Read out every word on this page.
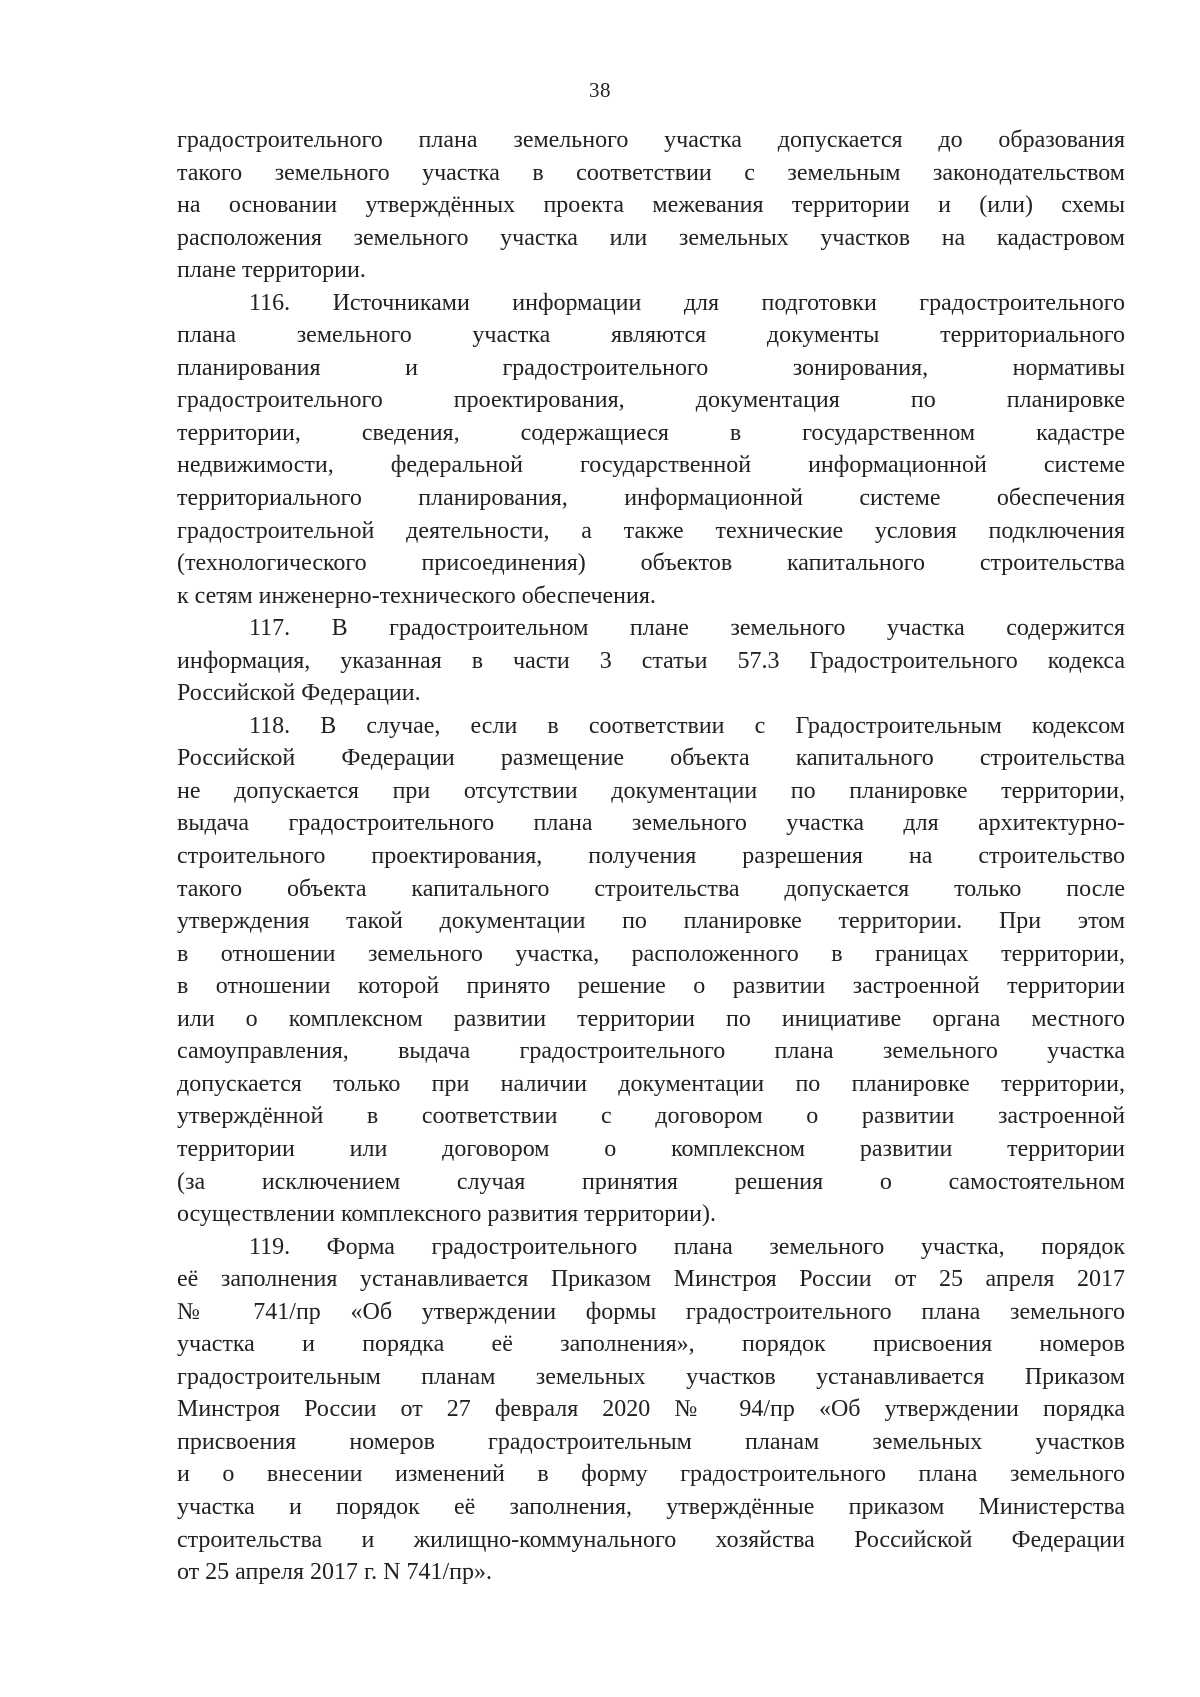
38
градостроительного плана земельного участка допускается до образования
такого земельного участка в соответствии с земельным законодательством
на основании утверждённых проекта межевания территории и (или) схемы
расположения земельного участка или земельных участков на кадастровом
плане территории.
116. Источниками информации для подготовки градостроительного
плана земельного участка являются документы территориального
планирования и градостроительного зонирования, нормативы
градостроительного проектирования, документация по планировке
территории, сведения, содержащиеся в государственном кадастре
недвижимости, федеральной государственной информационной системе
территориального планирования, информационной системе обеспечения
градостроительной деятельности, а также технические условия подключения
(технологического присоединения) объектов капитального строительства
к сетям инженерно-технического обеспечения.
117. В градостроительном плане земельного участка содержится
информация, указанная в части 3 статьи 57.3 Градостроительного кодекса
Российской Федерации.
118. В случае, если в соответствии с Градостроительным кодексом
Российской Федерации размещение объекта капитального строительства
не допускается при отсутствии документации по планировке территории,
выдача градостроительного плана земельного участка для архитектурно-
строительного проектирования, получения разрешения на строительство
такого объекта капитального строительства допускается только после
утверждения такой документации по планировке территории. При этом
в отношении земельного участка, расположенного в границах территории,
в отношении которой принято решение о развитии застроенной территории
или о комплексном развитии территории по инициативе органа местного
самоуправления, выдача градостроительного плана земельного участка
допускается только при наличии документации по планировке территории,
утверждённой в соответствии с договором о развитии застроенной
территории или договором о комплексном развитии территории
(за исключением случая принятия решения о самостоятельном
осуществлении комплексного развития территории).
119. Форма градостроительного плана земельного участка, порядок
её заполнения устанавливается Приказом Минстроя России от 25 апреля 2017
№ 741/пр «Об утверждении формы градостроительного плана земельного
участка и порядка её заполнения», порядок присвоения номеров
градостроительным планам земельных участков устанавливается Приказом
Минстроя России от 27 февраля 2020 № 94/пр «Об утверждении порядка
присвоения номеров градостроительным планам земельных участков
и о внесении изменений в форму градостроительного плана земельного
участка и порядок её заполнения, утверждённые приказом Министерства
строительства и жилищно-коммунального хозяйства Российской Федерации
от 25 апреля 2017 г. N 741/пр».
